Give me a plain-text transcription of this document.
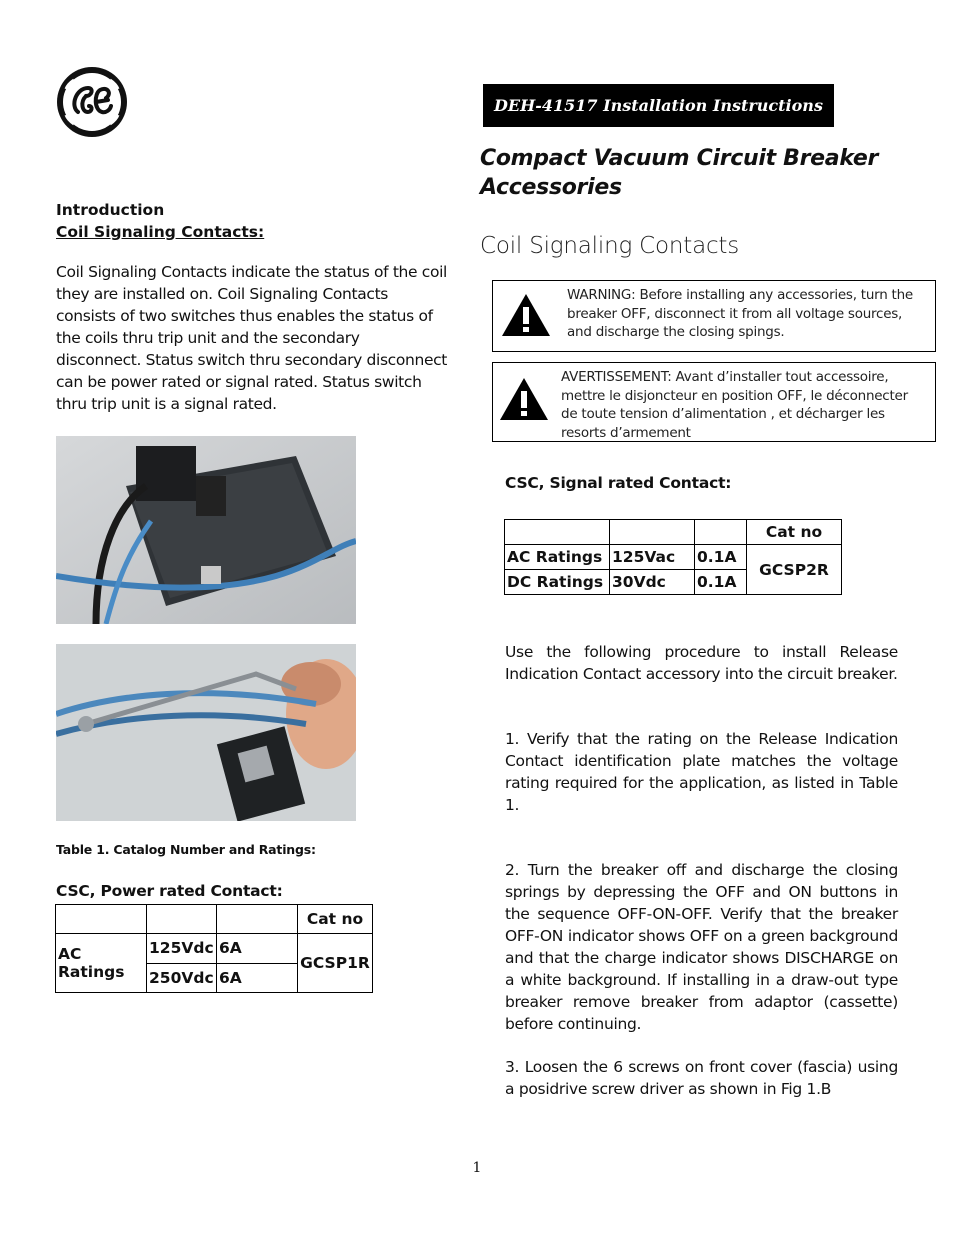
DEH-41517 Installation Instructions
Compact Vacuum Circuit Breaker Accessories
Coil Signaling Contacts
Introduction
Coil Signaling Contacts:
Coil Signaling Contacts indicate the status of the coil they are installed on. Coil Signaling Contacts consists of two switches thus enables the status of the coils thru trip unit and the secondary disconnect. Status switch thru secondary disconnect can be power rated or signal rated. Status switch thru trip unit is a signal rated.
Table 1. Catalog Number and Ratings:
CSC, Power rated Contact:
			Cat no
AC Ratings	125Vdc	6A	GCSP1R
	250Vdc	6A	
WARNING: Before installing any accessories, turn the breaker OFF, disconnect it from all voltage sources, and discharge the closing spings.
AVERTISSEMENT: Avant d’installer tout accessoire, mettre le disjoncteur en position OFF, le déconnecter de toute tension d’alimentation , et décharger les resorts d’armement
CSC, Signal rated Contact:
			Cat no
AC Ratings	125Vac	0.1A	GCSP2R
DC Ratings	30Vdc	0.1A	
Use the following procedure to install Release Indication Contact accessory into the circuit breaker.
1. Verify that the rating on the Release Indication Contact identification plate matches the voltage rating required for the application, as listed in Table 1.
2. Turn the breaker off and discharge the closing springs by depressing the OFF and ON buttons in the sequence OFF-ON-OFF. Verify that the breaker OFF-ON indicator shows OFF on a green background and that the charge indicator shows DISCHARGE on a white background. If installing in a draw-out type breaker remove breaker from adaptor (cassette) before continuing.
3. Loosen the 6 screws on front cover (fascia) using a posidrive screw driver as shown in Fig 1.B
1
